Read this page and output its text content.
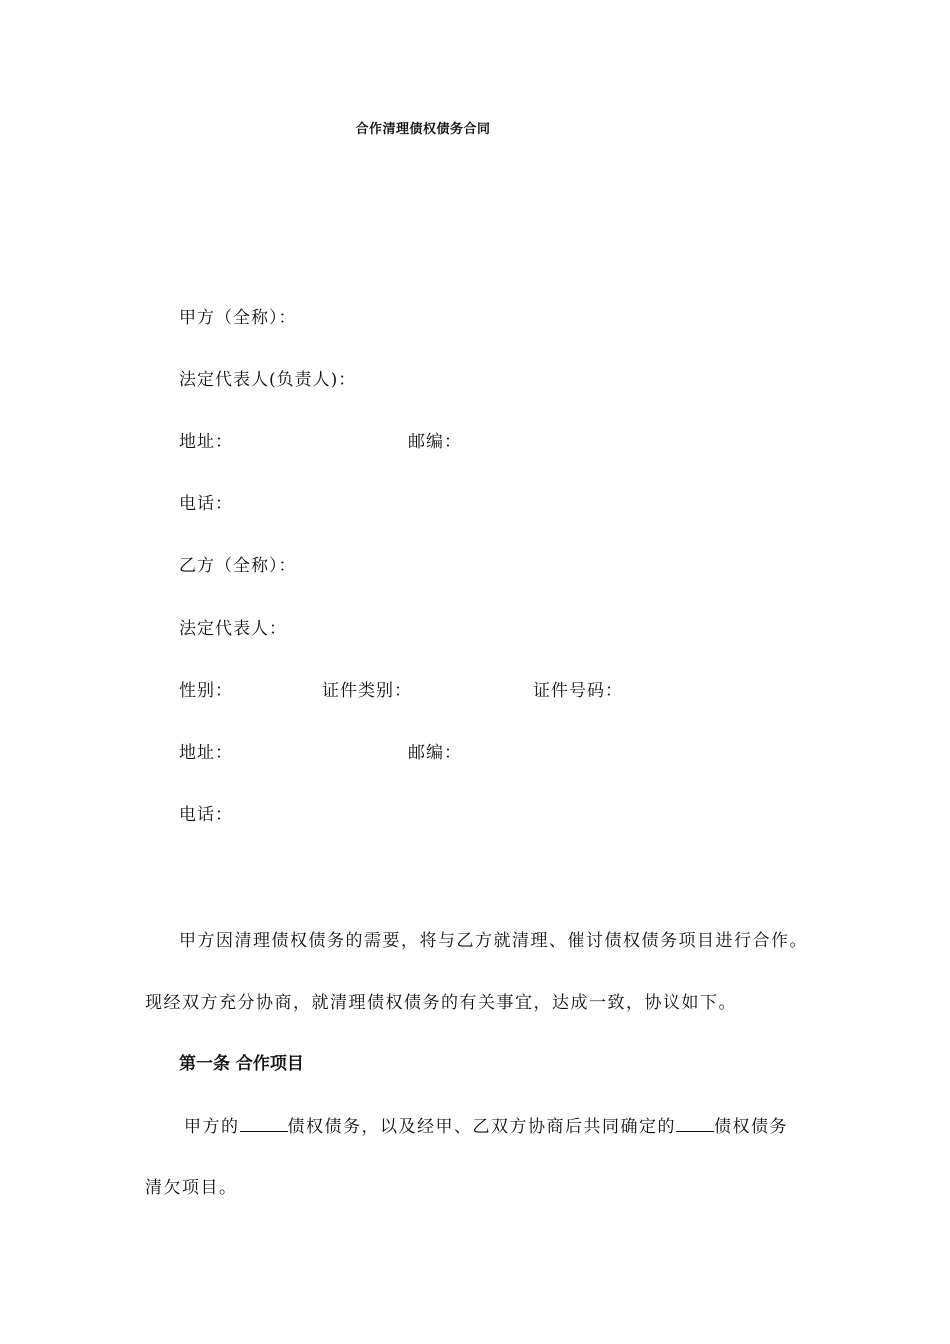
合作清理债权债务合同
甲方（全称）：
法定代表人(负责人)：
地址：	邮编：
电话：
乙方（全称）：
法定代表人：
性别：	证件类别：	证件号码：
地址：	邮编：
电话：
甲方因清理债权债务的需要，将与乙方就清理、催讨债权债务项目进行合作。
现经双方充分协商，就清理债权债务的有关事宜，达成一致，协议如下。
第一条 合作项目
甲方的	债权债务，以及经甲、乙双方协商后共同确定的 债权债务
清欠项目。
